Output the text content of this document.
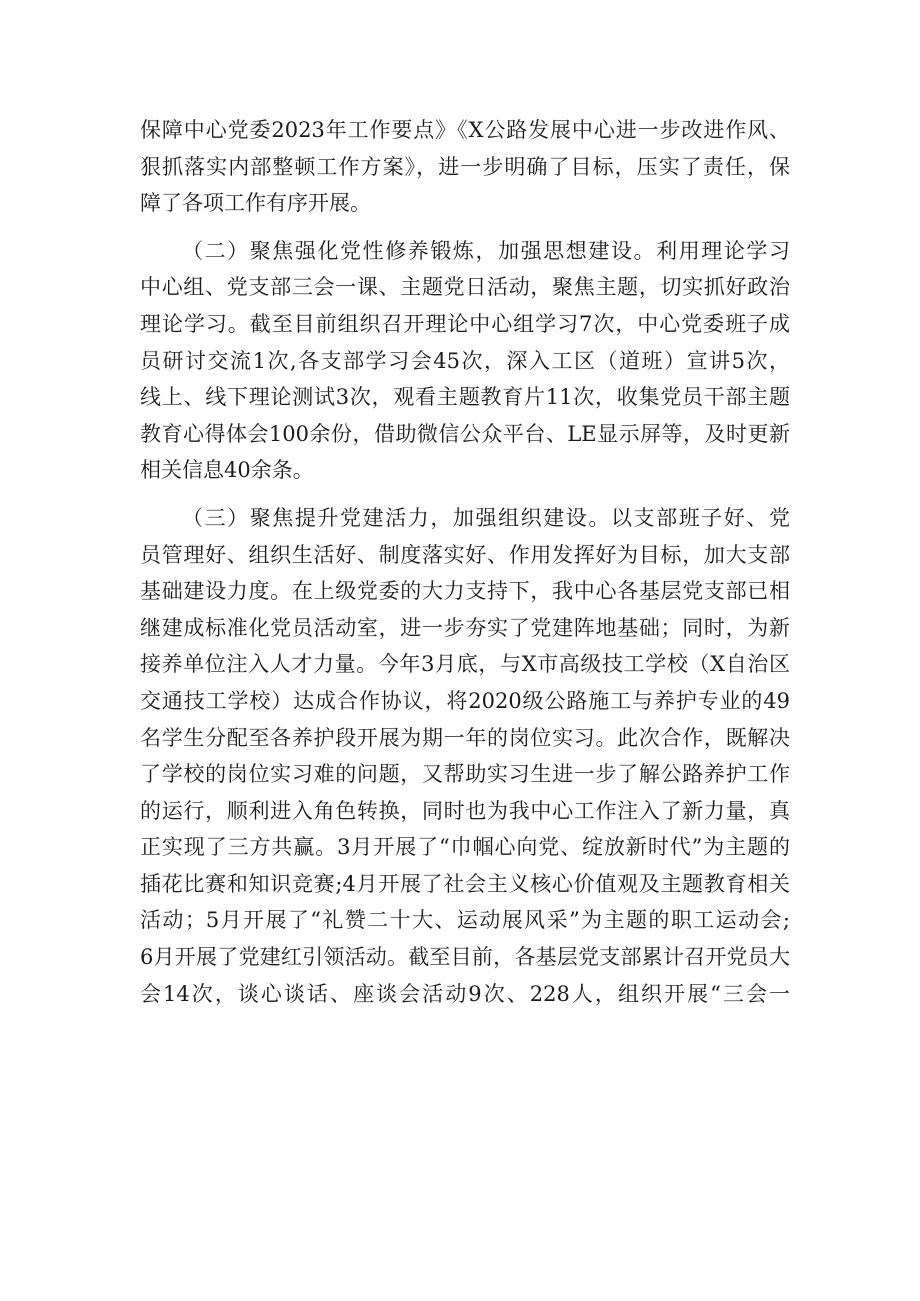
保障中心党委2023年工作要点》《X公路发展中心进一步改进作风、
狠抓落实内部整顿工作方案》，进一步明确了目标，压实了责任，保
障了各项工作有序开展。
（二）聚焦强化党性修养锻炼，加强思想建设。利用理论学习
中心组、党支部三会一课、主题党日活动，聚焦主题，切实抓好政治
理论学习。截至目前组织召开理论中心组学习7次，中心党委班子成
员研讨交流1次,各支部学习会45次，深入工区（道班）宣讲5次，
线上、线下理论测试3次，观看主题教育片11次，收集党员干部主题
教育心得体会100余份，借助微信公众平台、LE显示屏等，及时更新
相关信息40余条。
（三）聚焦提升党建活力，加强组织建设。以支部班子好、党
员管理好、组织生活好、制度落实好、作用发挥好为目标，加大支部
基础建设力度。在上级党委的大力支持下，我中心各基层党支部已相
继建成标准化党员活动室，进一步夯实了党建阵地基础；同时，为新
接养单位注入人才力量。今年3月底，与X市高级技工学校（X自治区
交通技工学校）达成合作协议，将2020级公路施工与养护专业的49
名学生分配至各养护段开展为期一年的岗位实习。此次合作，既解决
了学校的岗位实习难的问题，又帮助实习生进一步了解公路养护工作
的运行，顺利进入角色转换，同时也为我中心工作注入了新力量，真
正实现了三方共赢。3月开展了“巾帼心向党、绽放新时代”为主题的
插花比赛和知识竞赛;4月开展了社会主义核心价值观及主题教育相关
活动；5月开展了“礼赞二十大、运动展风采”为主题的职工运动会;
6月开展了党建红引领活动。截至目前，各基层党支部累计召开党员大
会14次，谈心谈话、座谈会活动9次、228人，组织开展“三会一
